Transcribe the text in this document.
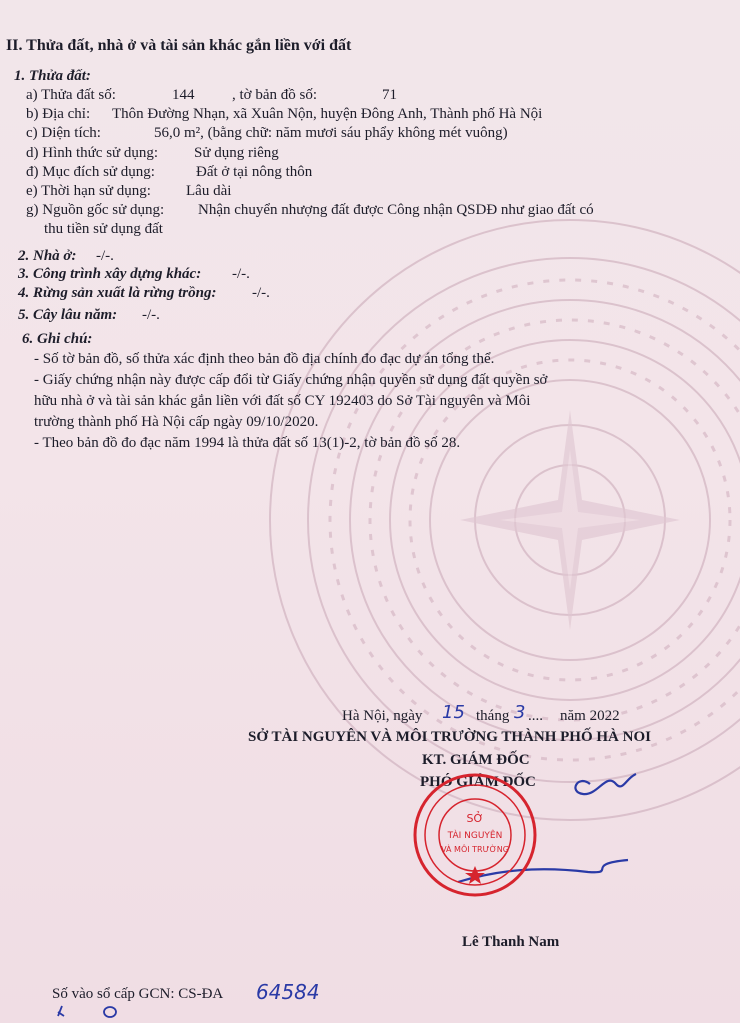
II. Thửa đất, nhà ở và tài sản khác gắn liền với đất
1. Thửa đất:
a) Thửa đất số:	144	, tờ bản đồ số:	71
b) Địa chỉ: Thôn Đường Nhạn, xã Xuân Nộn, huyện Đông Anh, Thành phố Hà Nội
c) Diện tích:	56,0 m², (bằng chữ: năm mươi sáu phẩy không mét vuông)
d) Hình thức sử dụng: Sử dụng riêng
đ) Mục đích sử dụng:	Đất ở tại nông thôn
e) Thời hạn sử dụng: Lâu dài
g) Nguồn gốc sử dụng: Nhận chuyển nhượng đất được Công nhận QSDĐ như giao đất có
thu tiền sử dụng đất
2. Nhà ở: -/-.
3. Công trình xây dựng khác: -/-.
4. Rừng sản xuất là rừng trồng: -/-.
5. Cây lâu năm: -/-.
6. Ghi chú:
- Số tờ bản đồ, số thửa xác định theo bản đồ địa chính đo đạc dự án tổng thể.
- Giấy chứng nhận này được cấp đổi từ Giấy chứng nhận quyền sử dụng đất quyền sở
hữu nhà ở và tài sản khác gắn liền với đất số CY 192403 do Sở Tài nguyên và Môi
trường thành phố Hà Nội cấp ngày 09/10/2020.
- Theo bản đồ đo đạc năm 1994 là thửa đất số 13(1)-2, tờ bản đồ số 28.
Hà Nội, ngày 15 tháng 3 .... năm 2022
SỞ TÀI NGUYÊN VÀ MÔI TRƯỜNG THÀNH PHỐ HÀ NOI
KT. GIÁM ĐỐC
PHÓ GIÁM ĐỐC
SỞ
TÀI NGUYÊN
VÀ MÔI TRƯỜNG
Lê Thanh Nam
Số vào sổ cấp GCN: CS-ĐA 64584
